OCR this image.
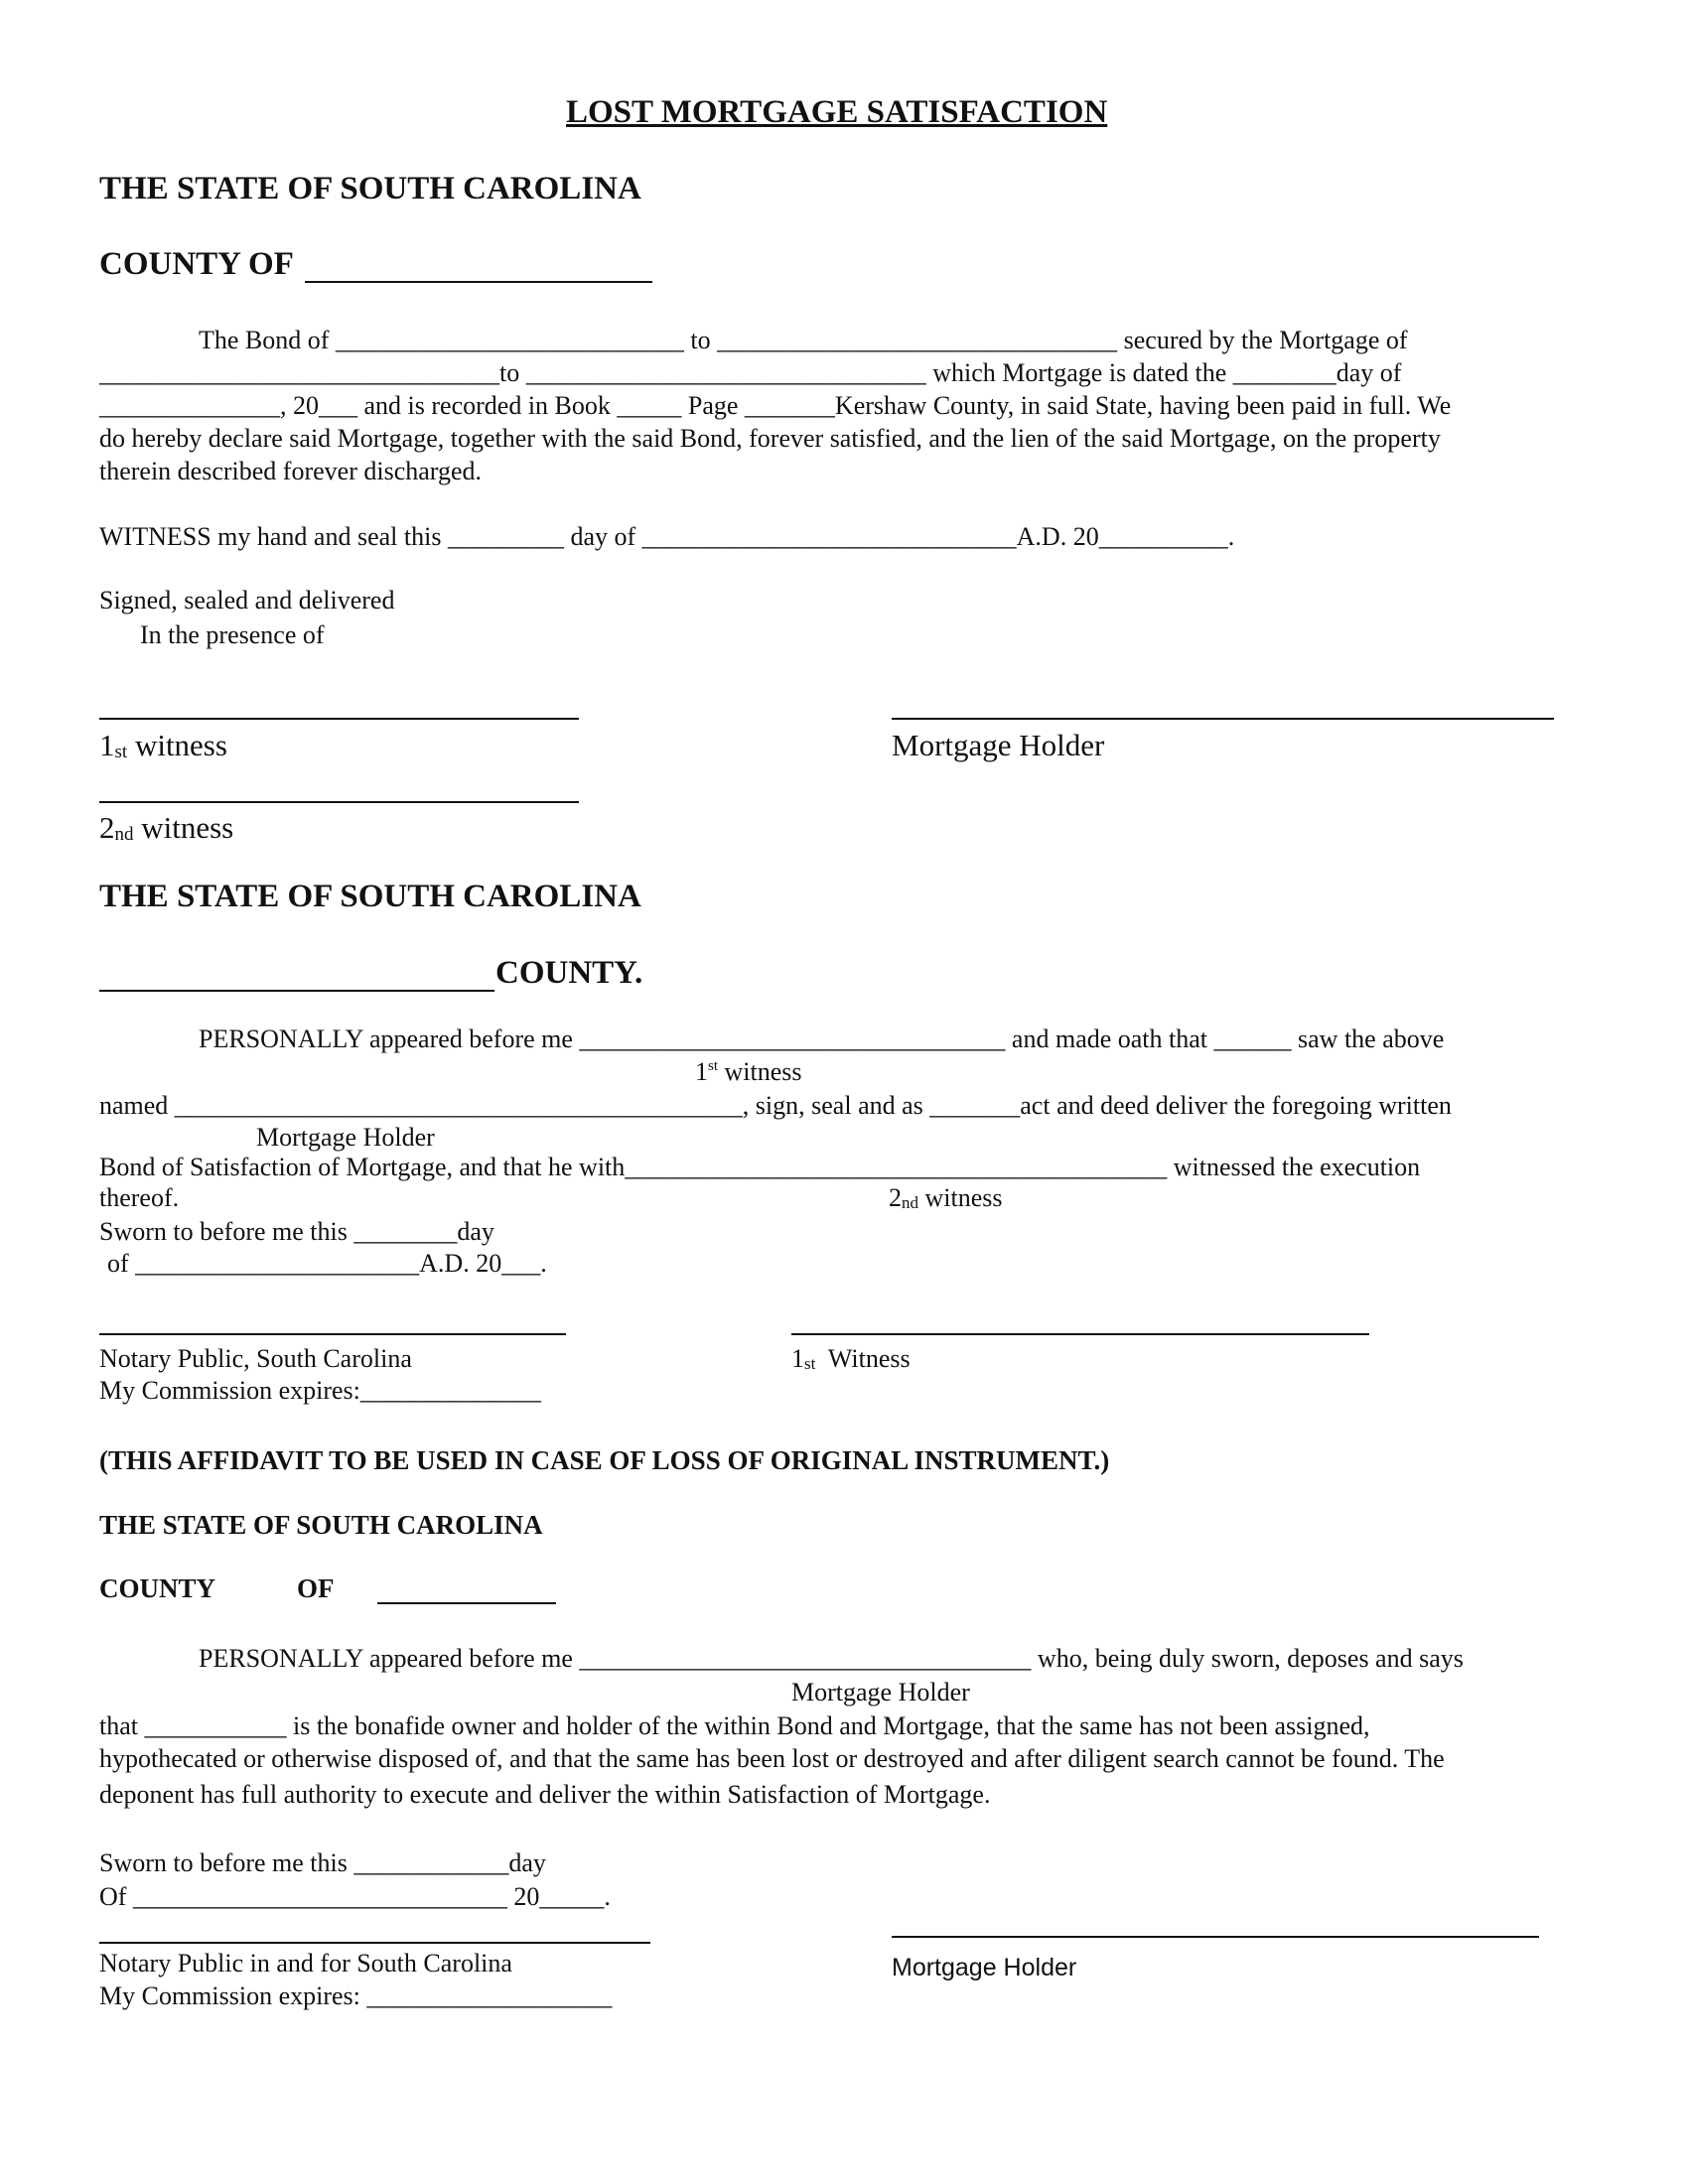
LOST MORTGAGE SATISFACTION
THE STATE OF SOUTH CAROLINA
COUNTY OF
The Bond of ___________________________ to _______________________________ secured by the Mortgage of
_______________________________to _______________________________ which Mortgage is dated the ________day of
______________, 20___ and is recorded in Book _____ Page _______Kershaw County, in said State, having been paid in full. We
do hereby declare said Mortgage, together with the said Bond, forever satisfied, and the lien of the said Mortgage, on the property
therein described forever discharged.
WITNESS my hand and seal this _________ day of _____________________________A.D. 20__________.
Signed, sealed and delivered
In the presence of
1st witness	Mortgage Holder
2nd witness
THE STATE OF SOUTH CAROLINA
COUNTY.
PERSONALLY appeared before me _________________________________ and made oath that ______ saw the above
1st witness
named ____________________________________________, sign, seal and as _______act and deed deliver the foregoing written
Mortgage Holder
Bond of Satisfaction of Mortgage, and that he with__________________________________________ witnessed the execution
thereof.	2nd witness
Sworn to before me this ________day
of ______________________A.D. 20___.
Notary Public, South Carolina	1st  Witness
My Commission expires:______________
(THIS AFFIDAVIT TO BE USED IN CASE OF LOSS OF ORIGINAL INSTRUMENT.)
THE STATE OF SOUTH CAROLINA
COUNTY	OF
PERSONALLY appeared before me ___________________________________ who, being duly sworn, deposes and says
Mortgage Holder
that ___________ is the bonafide owner and holder of the within Bond and Mortgage, that the same has not been assigned,
hypothecated or otherwise disposed of, and that the same has been lost or destroyed and after diligent search cannot be found. The
deponent has full authority to execute and deliver the within Satisfaction of Mortgage.
Sworn to before me this ____________day
Of _____________________________ 20_____.
Notary Public in and for South Carolina	Mortgage Holder
My Commission expires: ___________________
